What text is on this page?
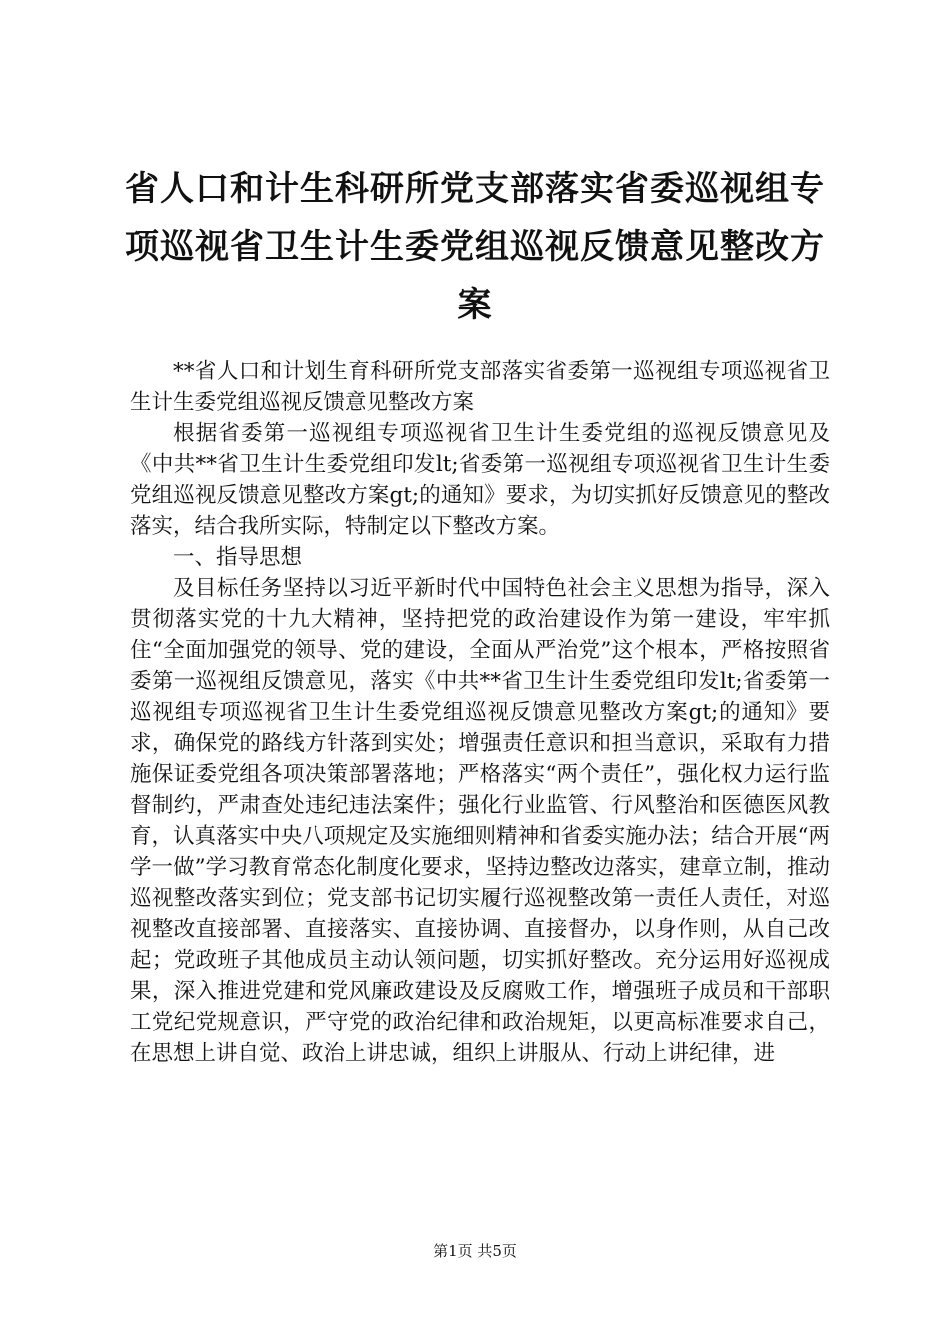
省人口和计生科研所党支部落实省委巡视组专项巡视省卫生计生委党组巡视反馈意见整改方案

**省人口和计划生育科研所党支部落实省委第一巡视组专项巡视省卫生计生委党组巡视反馈意见整改方案

根据省委第一巡视组专项巡视省卫生计生委党组的巡视反馈意见及《中共**省卫生计生委党组印发lt;省委第一巡视组专项巡视省卫生计生委党组巡视反馈意见整改方案gt;的通知》要求，为切实抓好反馈意见的整改落实，结合我所实际，特制定以下整改方案。

一、指导思想

及目标任务坚持以习近平新时代中国特色社会主义思想为指导，深入贯彻落实党的十九大精神，坚持把党的政治建设作为第一建设，牢牢抓住“全面加强党的领导、党的建设，全面从严治党”这个根本，严格按照省委第一巡视组反馈意见，落实《中共**省卫生计生委党组印发lt;省委第一巡视组专项巡视省卫生计生委党组巡视反馈意见整改方案gt;的通知》要求，确保党的路线方针落到实处；增强责任意识和担当意识，采取有力措施保证委党组各项决策部署落地；严格落实“两个责任”，强化权力运行监督制约，严肃查处违纪违法案件；强化行业监管、行风整治和医德医风教育，认真落实中央八项规定及实施细则精神和省委实施办法；结合开展“两学一做”学习教育常态化制度化要求，坚持边整改边落实，建章立制，推动巡视整改落实到位；党支部书记切实履行巡视整改第一责任人责任，对巡视整改直接部署、直接落实、直接协调、直接督办，以身作则，从自己改起；党政班子其他成员主动认领问题，切实抓好整改。充分运用好巡视成果，深入推进党建和党风廉政建设及反腐败工作，增强班子成员和干部职工党纪党规意识，严守党的政治纪律和政治规矩，以更高标准要求自己，在思想上讲自觉、政治上讲忠诚，组织上讲服从、行动上讲纪律，进

第1页 共5页
